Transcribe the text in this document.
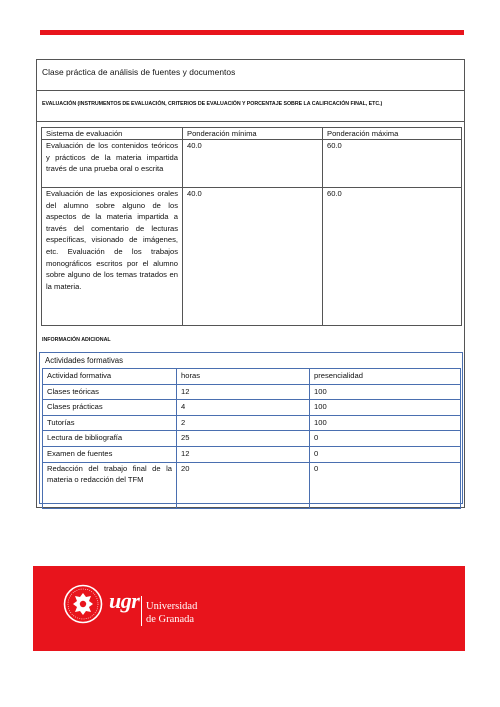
Clase práctica de análisis de fuentes y documentos
EVALUACIÓN (INSTRUMENTOS DE EVALUACIÓN, CRITERIOS DE EVALUACIÓN Y PORCENTAJE SOBRE LA CALIFICACIÓN FINAL, ETC.)
Sistema de evaluación	Ponderación mínima	Ponderación máxima
Evaluación de los contenidos teóricos y prácticos de la materia impartida través de una prueba oral o escrita	40.0	60.0
Evaluación de las exposiciones orales del alumno sobre alguno de los aspectos de la materia impartida a través del comentario de lecturas específicas, visionado de imágenes, etc. Evaluación de los trabajos monográficos escritos por el alumno sobre alguno de los temas tratados en la materia.	40.0	60.0
INFORMACIÓN ADICIONAL
Actividades formativas
Actividad formativa	horas	presencialidad
Clases teóricas	12	100
Clases prácticas	4	100
Tutorías	2	100
Lectura de bibliografía	25	0
Examen de fuentes	12	0
Redacción del trabajo final de la materia o redacción del TFM	20	0
ugr Universidad
de Granada
